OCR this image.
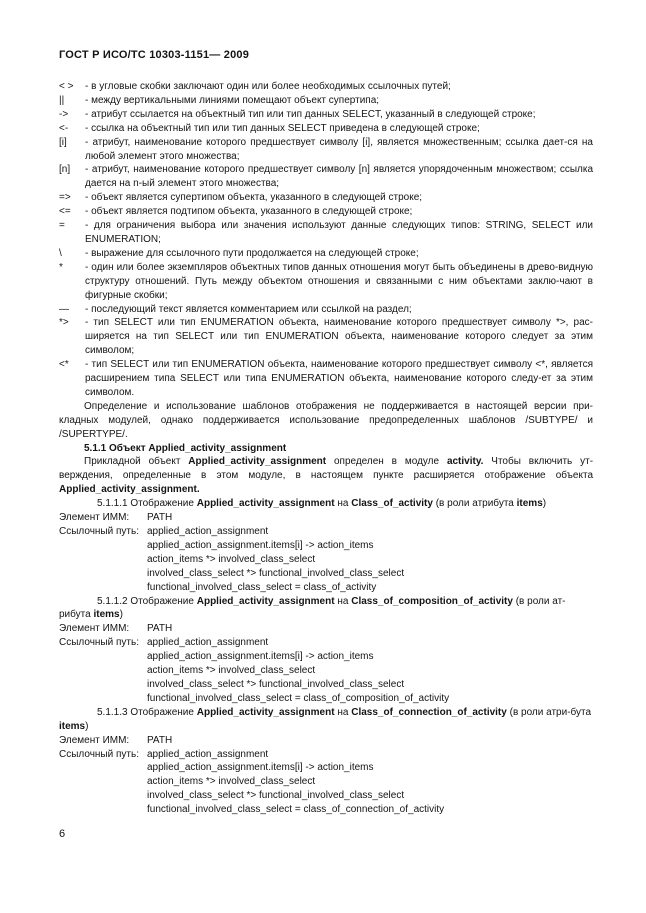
ГОСТ Р ИСО/ТС 10303-1151— 2009
< >	- в угловые скобки заключают один или более необходимых ссылочных путей;
||	- между вертикальными линиями помещают объект супертипа;
->	- атрибут ссылается на объектный тип или тип данных SELECT, указанный в следующей строке;
<-	- ссылка на объектный тип или тип данных SELECT приведена в следующей строке;
[i]	- атрибут, наименование которого предшествует символу [i], является множественным; ссылка дает-ся на любой элемент этого множества;
[n]	- атрибут, наименование которого предшествует символу [n] является упорядоченным множеством; ссылка дается на n-ый элемент этого множества;
=>	- объект является супертипом объекта, указанного в следующей строке;
<=	- объект является подтипом объекта, указанного в следующей строке;
=	- для ограничения выбора или значения используют данные следующих типов: STRING, SELECT или ENUMERATION;
\	- выражение для ссылочного пути продолжается на следующей строке;
*	- один или более экземпляров объектных типов данных отношения могут быть объединены в древо-видную структуру отношений. Путь между объектом отношения и связанными с ним объектами заклю-чают в фигурные скобки;
—	- последующий текст является комментарием или ссылкой на раздел;
*>	- тип SELECT или тип ENUMERATION объекта, наименование которого предшествует символу *>, рас-ширяется на тип SELECT или тип ENUMERATION объекта, наименование которого следует за этим символом;
<*	- тип SELECT или тип ENUMERATION объекта, наименование которого предшествует символу <*, является расширением типа SELECT или типа ENUMERATION объекта, наименование которого следу-ет за этим символом.

Определение и использование шаблонов отображения не поддерживается в настоящей версии при-кладных модулей, однако поддерживается использование предопределенных шаблонов /SUBTYPE/ и /SUPERTYPE/.

5.1.1 Объект Applied_activity_assignment

Прикладной объект Applied_activity_assignment определен в модуле activity. Чтобы включить ут-верждения, определенные в этом модуле, в настоящем пункте расширяется отображение объекта Applied_activity_assignment.

5.1.1.1 Отображение Applied_activity_assignment на Class_of_activity (в роли атрибута items)
Элемент ИММ:	PATH
Ссылочный путь: applied_action_assignment
applied_action_assignment.items[i] -> action_items
action_items *> involved_class_select
involved_class_select *> functional_involved_class_select
functional_involved_class_select = class_of_activity

5.1.1.2 Отображение Applied_activity_assignment на Class_of_composition_of_activity (в роли ат-рибута items)

Элемент ИММ:	PATH
Ссылочный путь: applied_action_assignment
applied_action_assignment.items[i] -> action_items
action_items *> involved_class_select
involved_class_select *> functional_involved_class_select
functional_involved_class_select = class_of_composition_of_activity

5.1.1.3 Отображение Applied_activity_assignment на Class_of_connection_of_activity (в роли атри-бута items)

Элемент ИММ:	PATH
Ссылочный путь: applied_action_assignment
applied_action_assignment.items[i] -> action_items
action_items *> involved_class_select
involved_class_select *> functional_involved_class_select
functional_involved_class_select = class_of_connection_of_activity
6
